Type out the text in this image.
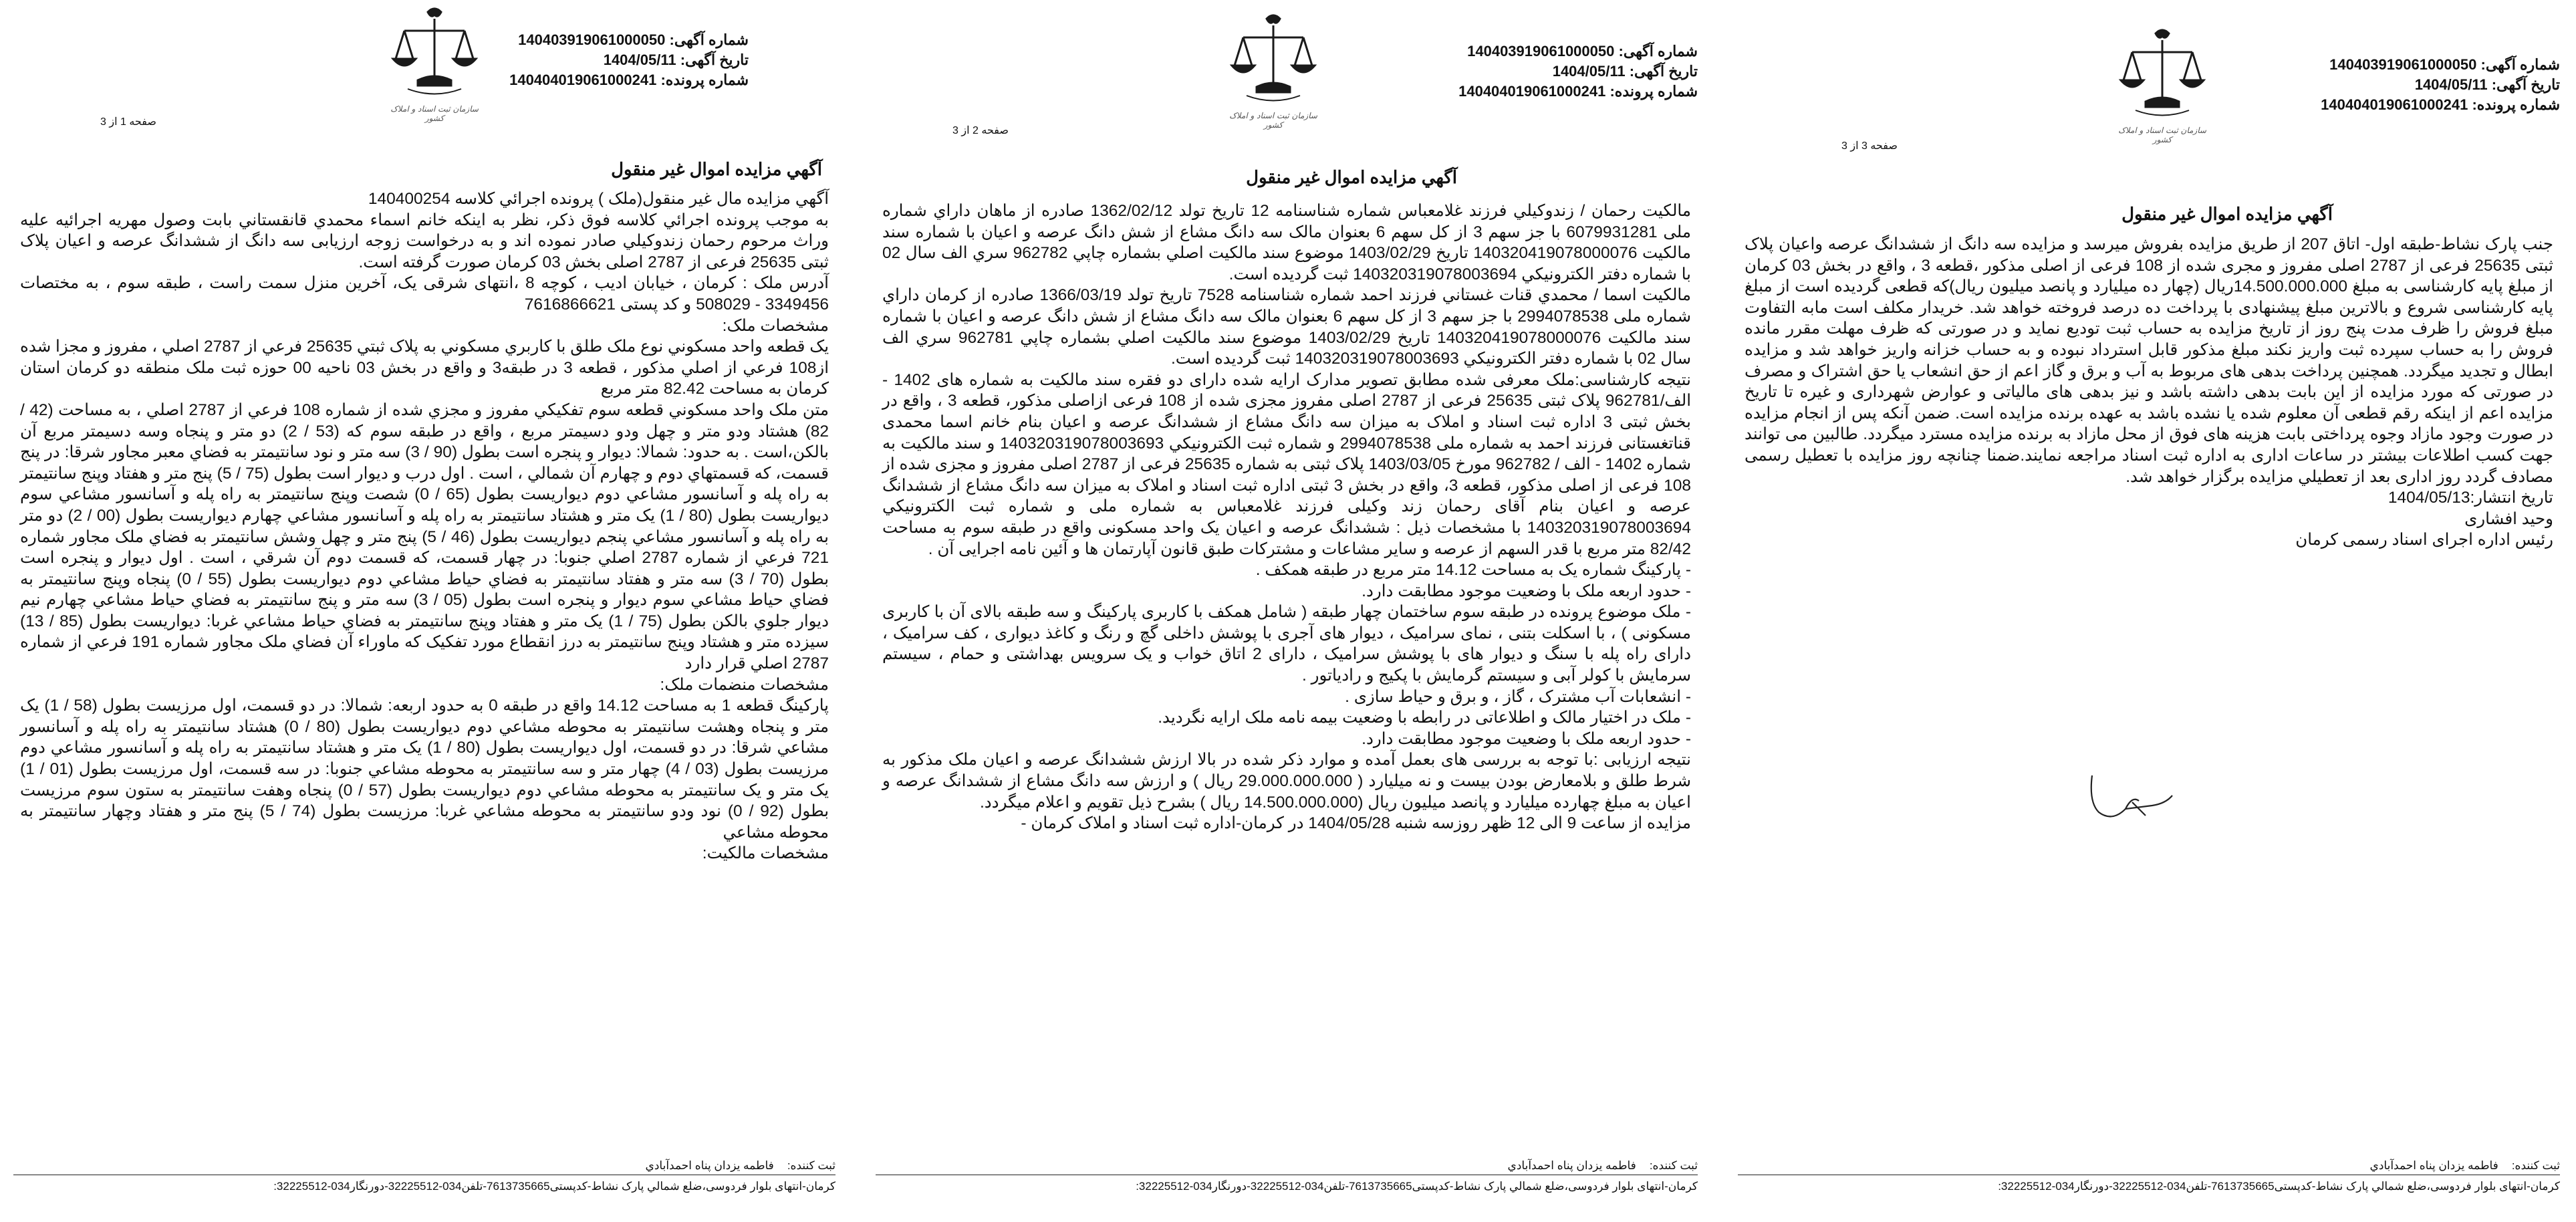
سازمان ثبت اسناد و املاک کشور
شماره آگهی: 140403919061000050
تاریخ آگهی: 1404/05/11
شماره پرونده: 140404019061000241
صفحه 1 از 3
آگهي مزايده اموال غير منقول

آگهي مزايده مال غير منقول(ملک ) پرونده اجرائي کلاسه 140400254

به موجب پرونده اجرائي کلاسه فوق ذکر، نظر به اينکه خانم اسماء محمدي قانقستاني بابت وصول مهريه اجرائيه عليه وراث مرحوم رحمان زندوکيلي صادر نموده اند و به درخواست زوجه ارزيابی سه دانگ از ششدانگ عرصه و اعيان پلاک ثبتی 25635 فرعی از 2787 اصلی بخش 03 کرمان صورت گرفته است.

آدرس ملک : کرمان ، خیابان ادیب ، کوچه 8 ،انتهای شرقی یک، آخرین منزل سمت راست ، طبقه سوم ، به مختصات 3349456 - 508029 و کد پستی 7616866621

مشخصات ملک:

يک قطعه واحد مسکوني نوع ملک طلق با کاربري مسکوني به پلاک ثبتي 25635 فرعي از 2787 اصلي ، مفروز و مجزا شده از108 فرعي از اصلي مذکور ، قطعه 3 در طبقه3 و واقع در بخش 03 ناحيه 00 حوزه ثبت ملک منطقه دو کرمان استان کرمان به مساحت 82.42 متر مربع

متن ملک واحد مسکوني قطعه سوم تفکيکي مفروز و مجزي شده از شماره 108 فرعي از 2787 اصلي ، به مساحت (42 / 82) هشتاد ودو متر و چهل ودو دسيمتر مربع ، واقع در طبقه سوم که (53 / 2) دو متر و پنجاه وسه دسيمتر مربع آن بالکن،است . به حدود: شمالا: ديوار و پنجره است بطول (90 / 3) سه متر و نود سانتيمتر به فضاي معبر مجاور شرقا: در پنج قسمت، که قسمتهاي دوم و چهارم آن شمالي ، است . اول درب و ديوار است بطول (75 / 5) پنج متر و هفتاد وپنج سانتيمتر به راه پله و آسانسور مشاعي دوم ديواريست بطول (65 / 0) شصت وپنج سانتيمتر به راه پله و آسانسور مشاعي سوم ديواريست بطول (80 / 1) يک متر و هشتاد سانتيمتر به راه پله و آسانسور مشاعي چهارم ديواريست بطول (00 / 2) دو متر به راه پله و آسانسور مشاعي پنجم ديواريست بطول (46 / 5) پنج متر و چهل وشش سانتيمتر به فضاي ملک مجاور شماره 721 فرعي از شماره 2787 اصلي جنوبا: در چهار قسمت، که قسمت دوم آن شرقي ، است . اول ديوار و پنجره است بطول (70 / 3) سه متر و هفتاد سانتيمتر به فضاي حياط مشاعي دوم ديواريست بطول (55 / 0) پنجاه وپنج سانتيمتر به فضاي حياط مشاعي سوم ديوار و پنجره است بطول (05 / 3) سه متر و پنج سانتيمتر به فضاي حياط مشاعي چهارم نيم ديوار جلوي بالکن بطول (75 / 1) يک متر و هفتاد وپنج سانتيمتر به فضاي حياط مشاعي غربا: ديواريست بطول (85 / 13) سيزده متر و هشتاد وپنج سانتيمتر به درز انقطاع مورد تفکيک که ماوراء آن فضاي ملک مجاور شماره 191 فرعي از شماره 2787 اصلي قرار دارد

مشخصات منضمات ملک:

پارکينگ قطعه 1 به مساحت 14.12 واقع در طبقه 0 به حدود اربعه: شمالا: در دو قسمت، اول مرزيست بطول (58 / 1) يک متر و پنجاه وهشت سانتيمتر به محوطه مشاعي دوم ديواريست بطول (80 / 0) هشتاد سانتيمتر به راه پله و آسانسور مشاعي شرقا: در دو قسمت، اول ديواريست بطول (80 / 1) يک متر و هشتاد سانتيمتر به راه پله و آسانسور مشاعي دوم مرزيست بطول (03 / 4) چهار متر و سه سانتيمتر به محوطه مشاعي جنوبا: در سه قسمت، اول مرزيست بطول (01 / 1) يک متر و يک سانتيمتر به محوطه مشاعي دوم ديواريست بطول (57 / 0) پنجاه وهفت سانتيمتر به ستون سوم مرزيست بطول (92 / 0) نود ودو سانتيمتر به محوطه مشاعي غربا: مرزيست بطول (74 / 5) پنج متر و هفتاد وچهار سانتيمتر به محوطه مشاعي

مشخصات مالکيت:

ثبت کننده:
فاطمه یزدان پناه احمدآبادي
کرمان-انتهای بلوار فردوسی،ضلع شمالي پارک نشاط-کدپستی7613735665-تلفن034-32225512-دورنگار034-32225512:
سازمان ثبت اسناد و املاک کشور
شماره آگهی: 140403919061000050
تاریخ آگهی: 1404/05/11
شماره پرونده: 140404019061000241
صفحه 2 از 3
آگهي مزايده اموال غير منقول

مالکيت رحمان / زندوکيلي فرزند غلامعباس شماره شناسنامه 12 تاريخ تولد 1362/02/12 صادره از ماهان داراي شماره ملی 6079931281 با جز سهم 3 از کل سهم 6 بعنوان مالک سه دانگ مشاع از شش دانگ عرصه و اعيان با شماره سند مالکيت 140320419078000076 تاريخ 1403/02/29 موضوع سند مالکيت اصلي بشماره چاپي 962782 سري الف سال 02 با شماره دفتر الکترونيکي 140320319078003694 ثبت گرديده است.

مالکيت اسما / محمدي قنات غستاني فرزند احمد شماره شناسنامه 7528 تاريخ تولد 1366/03/19 صادره از کرمان داراي شماره ملی 2994078538 با جز سهم 3 از کل سهم 6 بعنوان مالک سه دانگ مشاع از شش دانگ عرصه و اعيان با شماره سند مالکيت 140320419078000076 تاريخ 1403/02/29 موضوع سند مالکيت اصلي بشماره چاپي 962781 سري الف سال 02 با شماره دفتر الکترونيکي 140320319078003693 ثبت گرديده است.

نتيجه کارشناسی:ملک معرفی شده مطابق تصوير مدارک ارايه شده داراى دو فقره سند مالکيت به شماره های 1402 - الف/962781 پلاک ثبتی 25635 فرعی از 2787 اصلی مفروز مجزی شده از 108 فرعی ازاصلی مذکور، قطعه 3 ، واقع در بخش ثبتی 3 اداره ثبت اسناد و املاک به ميزان سه دانگ مشاع از ششدانگ عرصه و اعيان بنام خانم اسما محمدی قناتغستانی فرزند احمد به شماره ملی 2994078538 و شماره ثبت الکترونيکي 140320319078003693 و سند مالکيت به شماره 1402 - الف / 962782 مورخ 1403/03/05 پلاک ثبتی به شماره 25635 فرعی از 2787 اصلی مفروز و مجزی شده از 108 فرعی از اصلی مذکور، قطعه 3، واقع در بخش 3 ثبتی اداره ثبت اسناد و املاک به ميزان سه دانگ مشاع از ششدانگ عرصه و اعيان بنام آقای رحمان زند وکيلی فرزند غلامعباس به شماره ملی و شماره ثبت الکترونيکي 140320319078003694 با مشخصات ذيل : ششدانگ عرصه و اعيان يک واحد مسکونی واقع در طبقه سوم به مساحت 82/42 متر مربع با قدر السهم از عرصه و ساير مشاعات و مشترکات طبق قانون آپارتمان ها و آئين نامه اجرايی آن .

- پارکينگ شماره يک به مساحت 14.12 متر مربع در طبقه همکف .

- حدود اربعه ملک با وضعيت موجود مطابقت دارد.

- ملک موضوع پرونده در طبقه سوم ساختمان چهار طبقه ( شامل همکف با کاربری پارکينگ و سه طبقه بالای آن با کاربری مسکونی ) ، با اسکلت بتنی ، نمای سراميک ، ديوار های آجری با پوشش داخلی گچ و رنگ و کاغذ ديواری ، کف سراميک ، دارای راه پله با سنگ و ديوار های با پوشش سراميک ، دارای 2 اتاق خواب و يک سرويس بهداشتی و حمام ، سيستم سرمايش با کولر آبی و سيستم گرمايش با پکيج و رادياتور .

- انشعابات آب مشترک ، گاز ، و برق و حياط سازی .

- ملک در اختيار مالک و اطلاعاتی در رابطه با وضعيت بيمه نامه ملک ارايه نگرديد.

- حدود اربعه ملک با وضعيت موجود مطابقت دارد.

نتيجه ارزيابی :با توجه به بررسی های بعمل آمده و موارد ذکر شده در بالا ارزش ششدانگ عرصه و اعيان ملک مذکور به شرط طلق و بلامعارض بودن بيست و نه ميليارد ( 29.000.000.000 ريال ) و ارزش سه دانگ مشاع از ششدانگ عرصه و اعيان به مبلغ چهارده ميليارد و پانصد ميليون ريال (14.500.000.000 ريال ) بشرح ذيل تقويم و اعلام ميگردد.

مزايده از ساعت 9 الی 12 ظهر روزسه شنبه 1404/05/28 در کرمان-اداره ثبت اسناد و املاک کرمان -

ثبت کننده:
فاطمه یزدان پناه احمدآبادي
کرمان-انتهای بلوار فردوسی،ضلع شمالي پارک نشاط-کدپستی7613735665-تلفن034-32225512-دورنگار034-32225512:
سازمان ثبت اسناد و املاک کشور
شماره آگهی: 140403919061000050
تاریخ آگهی: 1404/05/11
شماره پرونده: 140404019061000241
صفحه 3 از 3
آگهي مزايده اموال غير منقول

جنب پارک نشاط-طبقه اول- اتاق 207 از طريق مزايده بفروش ميرسد و مزايده سه دانگ از ششدانگ عرصه واعيان پلاک ثبتی 25635 فرعی از 2787 اصلی مفروز و مجری شده از 108 فرعی از اصلی مذکور ،قطعه 3 ، واقع در بخش 03 کرمان از مبلغ پايه کارشناسی به مبلغ 14.500.000.000ريال (چهار ده ميليارد و پانصد ميليون ريال)که قطعی گرديده است از مبلغ پايه کارشناسی شروع و بالاترين مبلغ پيشنهادی با پرداخت ده درصد فروخته خواهد شد. خريدار مکلف است مابه التفاوت مبلغ فروش را ظرف مدت پنج روز از تاريخ مزايده به حساب ثبت توديع نمايد و در صورتی که ظرف مهلت مقرر مانده فروش را به حساب سپرده ثبت واريز نکند مبلغ مذکور قابل استرداد نبوده و به حساب خزانه واريز خواهد شد و مزايده ابطال و تجديد ميگردد. همچنين پرداخت بدهی های مربوط به آب و برق و گاز اعم از حق انشعاب يا حق اشتراک و مصرف در صورتی که مورد مزايده از اين بابت بدهی داشته باشد و نيز بدهی های مالياتی و عوارض شهرداری و غيره تا تاريخ مزايده اعم از اينکه رقم قطعی آن معلوم شده يا نشده باشد به عهده برنده مزايده است. ضمن آنکه پس از انجام مزايده در صورت وجود مازاد وجوه پرداختی بابت هزينه های فوق از محل مازاد به برنده مزايده مسترد ميگردد. طالبين می توانند جهت کسب اطلاعات بيشتر در ساعات اداری به اداره ثبت اسناد مراجعه نمايند.ضمنا چنانچه روز مزايده با تعطيل رسمی مصادف گردد روز اداری بعد از تعطيلي مزايده برگزار خواهد شد.

تاريخ انتشار:1404/05/13

وحيد افشاری

رئيس اداره اجرای اسناد رسمی کرمان

ثبت کننده:
فاطمه یزدان پناه احمدآبادي
کرمان-انتهای بلوار فردوسی،ضلع شمالي پارک نشاط-کدپستی7613735665-تلفن034-32225512-دورنگار034-32225512:
